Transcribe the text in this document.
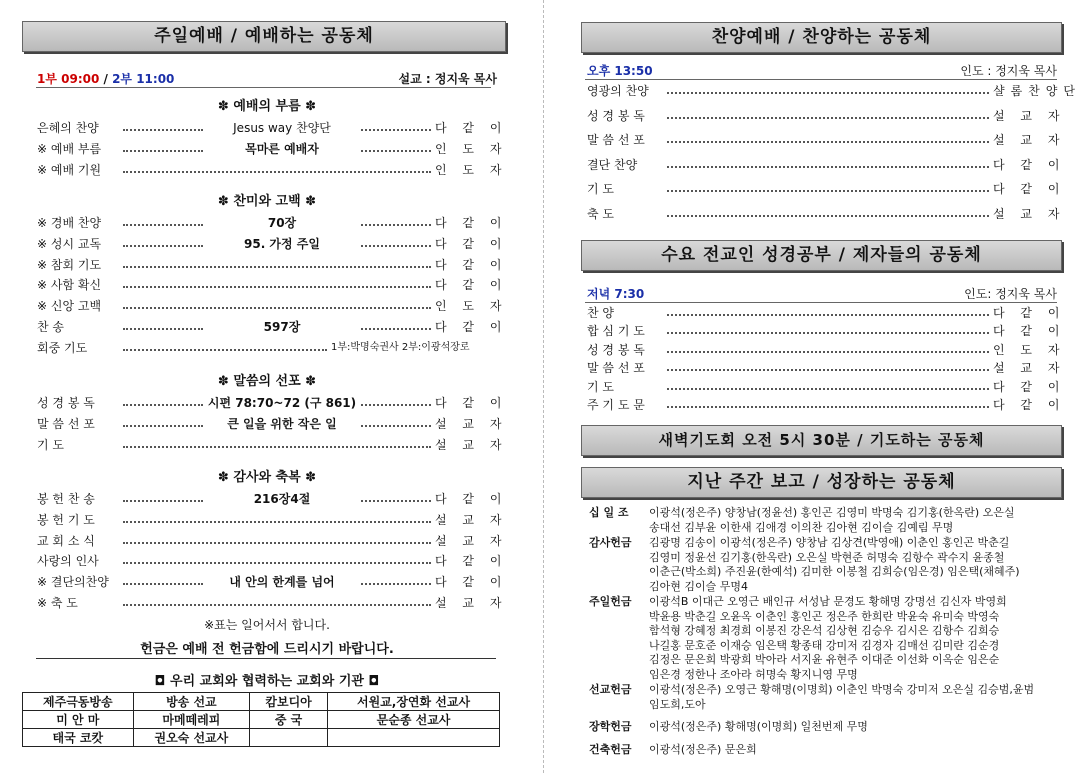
주일예배 / 예배하는 공동체
1부 09:00 / 2부 11:00	설교 : 정지욱 목사
✽ 예배의 부름 ✽
은혜의 찬양	Jesus way 찬양단	다 같 이
※ 예배 부름	목마른 예배자	인 도 자
※ 예배 기원	인 도 자
✽ 찬미와 고백 ✽
※ 경배 찬양	70장	다 같 이
※ 성시 교독	95. 가정 주일	다 같 이
※ 참회 기도	다 같 이
※ 사함 확신	다 같 이
※ 신앙 고백	인 도 자
찬 송	597장	다 같 이
회중 기도	1부:박명숙권사 2부:이광석장로
✽ 말씀의 선포 ✽
성 경 봉 독	시편 78:70~72 (구 861)	다 같 이
말 씀 선 포	큰 일을 위한 작은 일	설 교 자
기 도	설 교 자
✽ 감사와 축복 ✽
봉 헌 찬 송	216장4절	다 같 이
봉 헌 기 도	설 교 자
교 회 소 식	설 교 자
사랑의 인사	다 같 이
※ 결단의찬양	내 안의 한계를 넘어	다 같 이
※ 축 도	설 교 자
※표는 일어서서 합니다.
헌금은 예배 전 헌금함에 드리시기 바랍니다.
◘ 우리 교회와 협력하는 교회와 기관 ◘
제주극동방송	방송 선교	캄보디아	서원교,장연화 선교사
미 안 마	마메떼레피	중 국	문순종 선교사
태국 코캇	권오숙 선교사		
찬양예배 / 찬양하는 공동체
오후 13:50	인도 : 정지욱 목사
영광의 찬양	샬롬찬양단
성 경 봉 독	설 교 자
말 씀 선 포	설 교 자
결단 찬양	다 같 이
기 도	다 같 이
축 도	설 교 자
수요 전교인 성경공부 / 제자들의 공동체
저녁 7:30	인도: 정지욱 목사
찬 양	다 같 이
합 심 기 도	다 같 이
성 경 봉 독	인 도 자
말 씀 선 포	설 교 자
기 도	다 같 이
주 기 도 문	다 같 이
새벽기도회 오전 5시 30분 / 기도하는 공동체
지난 주간 보고 / 성장하는 공동체
십 일 조 이광석(정은주) 양창남(정윤선) 홍인곤 김영미 박명숙 김기홍(한옥란) 오은실
송대선 김부윤 이한새 김애경 이의찬 김아현 김이슬 김예림 무명
감사헌금 김광명 김송이 이광석(정은주) 양창남 김상견(박영애) 이춘인 홍인곤 박춘길
김영미 정윤선 김기홍(한옥란) 오은실 박현준 허명숙 김항수 곽수지 윤종철
이춘근(박소희) 주진윤(한예석) 김미한 이봉철 김희승(임은경) 임은택(채혜주)
김아현 김이슬 무명4
주일헌금 이광석B 이대근 오영근 배인규 서성남 문경도 황해명 강명선 김신자 박영희
박윤용 박춘길 오윤옥 이춘인 홍인곤 정은주 한희란 박윤숙 유미숙 박영숙
함석형 강혜정 최경희 이봉진 강은석 김상현 김승우 김시은 김항수 김희승
나길홍 문호준 이재승 임은택 황종태 강미저 김경자 김매선 김미란 김순경
김정은 문은희 박광희 박아라 서지윤 유현주 이대준 이선화 이옥순 임은순
임은경 정한나 조아라 허명숙 황지니영 무명
선교헌금 이광석(정은주) 오영근 황해명(이명희) 이춘인 박명숙 강미저 오은실 김승범,윤범
임도희,도아
장학헌금 이광석(정은주) 황해명(이명희) 일천번제 무명
건축헌금 이광석(정은주) 문은희
